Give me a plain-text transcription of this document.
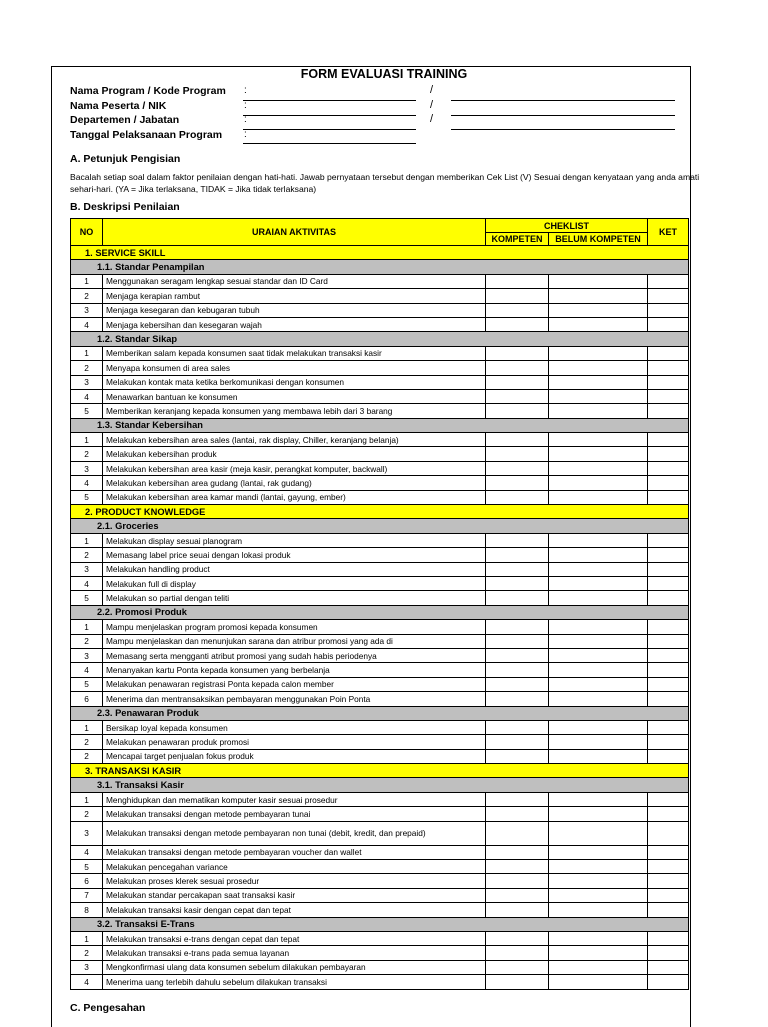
FORM EVALUASI TRAINING
Nama Program / Kode Program :	/
Nama Peserta / NIK	:	/
Departemen / Jabatan	:	/
Tanggal Pelaksanaan Program :
A. Petunjuk Pengisian
Bacalah setiap soal dalam faktor penilaian dengan hati-hati. Jawab pernyataan tersebut dengan memberikan Cek List (V) Sesuai dengan kenyataan yang anda amati sehari-hari. (YA = Jika terlaksana, TIDAK = Jika tidak terlaksana)
B. Deskripsi Penilaian
NO	URAIAN AKTIVITAS	CHEKLIST		KET
		KOMPETEN	BELUM KOMPETEN	
1. SERVICE SKILL				
1.1. Standar Penampilan				
1	Menggunakan seragam lengkap sesuai standar dan ID Card			
2	Menjaga kerapian rambut			
3	Menjaga kesegaran dan kebugaran tubuh			
4	Menjaga kebersihan dan kesegaran wajah			
1.2. Standar Sikap				
1	Memberikan salam kepada konsumen saat tidak melakukan transaksi kasir			
2	Menyapa konsumen di area sales			
3	Melakukan kontak mata ketika berkomunikasi dengan konsumen			
4	Menawarkan bantuan ke konsumen			
5	Memberikan keranjang kepada konsumen yang membawa lebih dari 3 barang			
1.3. Standar Kebersihan				
1	Melakukan kebersihan area sales (lantai, rak display, Chiller, keranjang belanja)			
2	Melakukan kebersihan produk			
3	Melakukan kebersihan area kasir (meja kasir, perangkat komputer, backwall)			
4	Melakukan kebersihan area gudang (lantai, rak gudang)			
5	Melakukan kebersihan area kamar mandi (lantai, gayung, ember)			
2. PRODUCT KNOWLEDGE				
2.1. Groceries				
1	Melakukan display sesuai planogram			
2	Memasang label price seuai dengan lokasi produk			
3	Melakukan handling product			
4	Melakukan full di display			
5	Melakukan so partial dengan teliti			
2.2. Promosi Produk				
1	Mampu menjelaskan program promosi kepada konsumen			
2	Mampu menjelaskan dan menunjukan sarana dan atribur promosi yang ada di			
3	Memasang serta mengganti atribut promosi yang sudah habis periodenya			
4	Menanyakan kartu Ponta kepada konsumen yang berbelanja			
5	Melakukan penawaran registrasi Ponta kepada calon member			
6	Menerima dan mentransaksikan pembayaran menggunakan Poin Ponta			
2.3. Penawaran Produk				
1	Bersikap loyal kepada konsumen			
2	Melakukan penawaran produk promosi			
2	Mencapai target penjualan fokus produk			
3. TRANSAKSI KASIR				
3.1. Transaksi Kasir				
1	Menghidupkan dan mematikan komputer kasir sesuai prosedur			
2	Melakukan transaksi dengan metode pembayaran tunai			
3	Melakukan transaksi dengan metode pembayaran non tunai (debit, kredit, dan prepaid)			
4	Melakukan transaksi dengan metode pembayaran voucher dan wallet			
5	Melakukan pencegahan variance			
6	Melakukan proses klerek sesuai prosedur			
7	Melakukan standar percakapan saat transaksi kasir			
8	Melakukan transaksi kasir dengan cepat dan tepat			
3.2. Transaksi E-Trans				
1	Melakukan transaksi e-trans dengan cepat dan tepat			
2	Melakukan transaksi e-trans pada semua layanan			
3	Mengkonfirmasi ulang data konsumen sebelum dilakukan pembayaran			
4	Menerima uang terlebih dahulu sebelum dilakukan transaksi			
C. Pengesahan
